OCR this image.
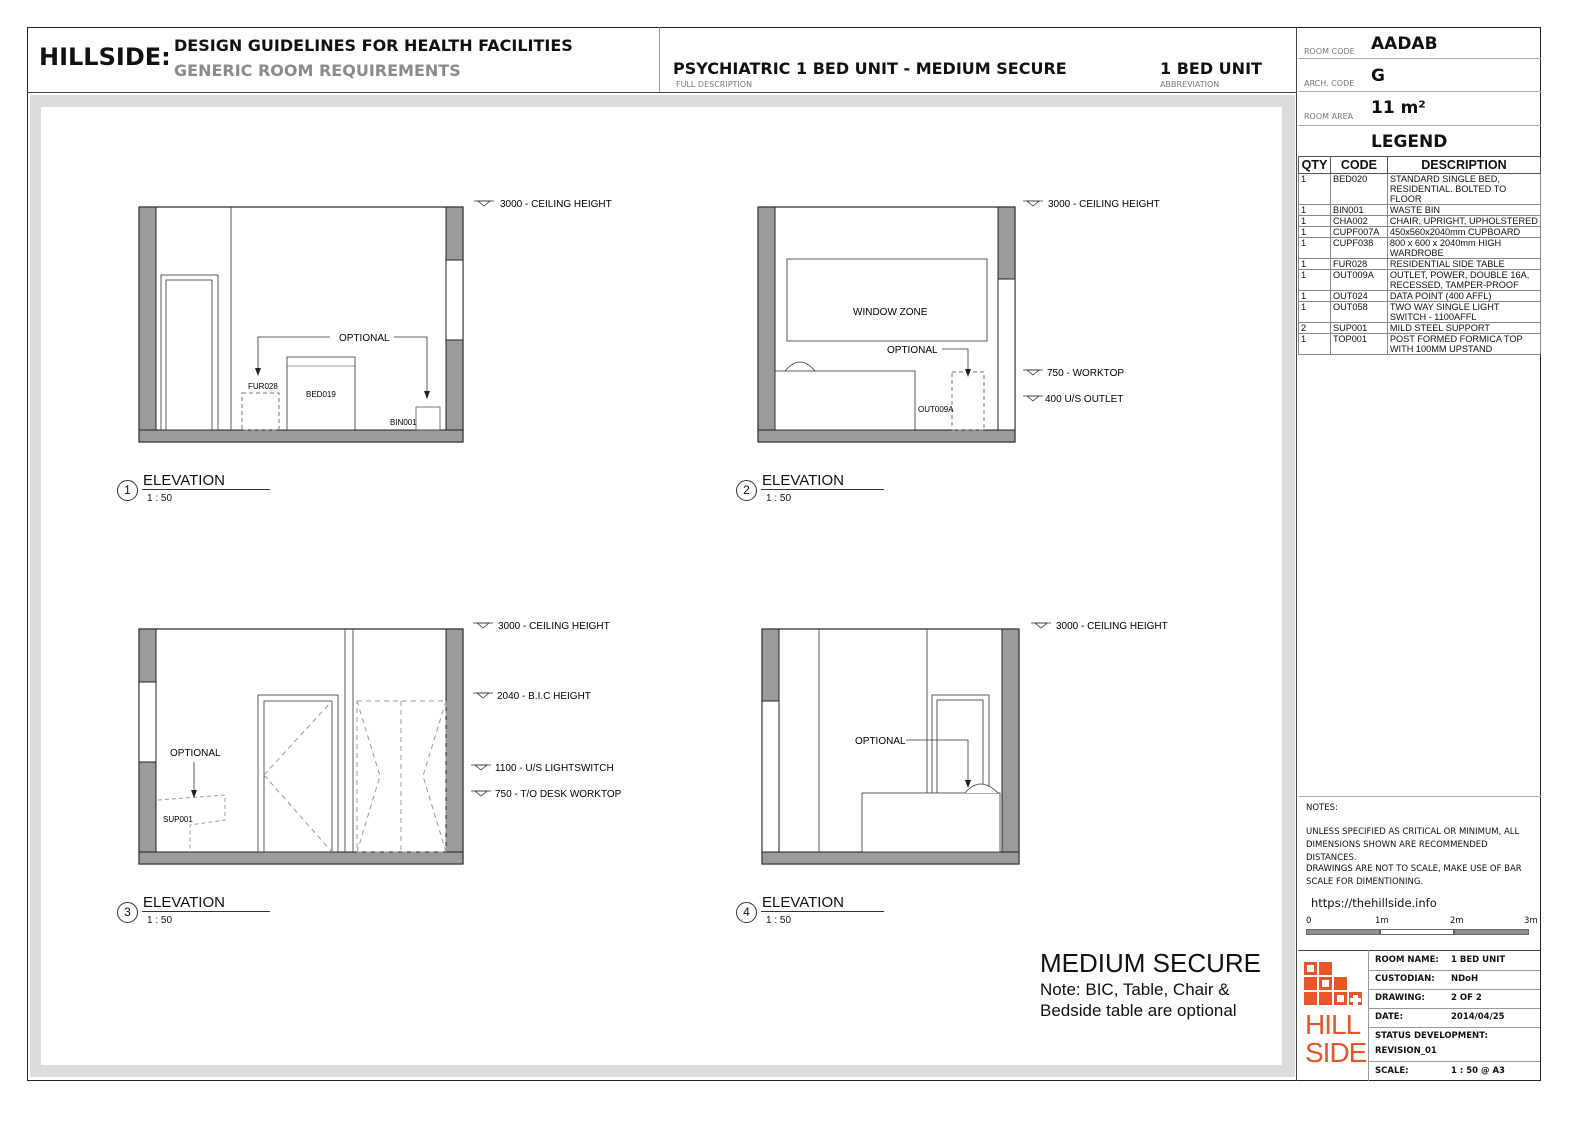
HILLSIDE: DESIGN GUIDELINES FOR HEALTH FACILITIES
GENERIC ROOM REQUIREMENTS	PSYCHIATRIC 1 BED UNIT - MEDIUM SECURE
FULL DESCRIPTION
1 BED UNIT
ABBREVIATION
3000 - CEILING HEIGHT
OPTIONAL
FUR028
BED019
BIN001
3000 - CEILING HEIGHT
WINDOW ZONE
OPTIONAL
750 - WORKTOP
400 U/S OUTLET
OUT009A
3000 - CEILING HEIGHT
2040 - B.I.C HEIGHT
1100 - U/S LIGHTSWITCH
750 - T/O DESK WORKTOP
OPTIONAL
SUP001
3000 - CEILING HEIGHT
OPTIONAL
1
ELEVATION
1 : 50
2
ELEVATION
1 : 50
3
ELEVATION
1 : 50
4
ELEVATION
1 : 50
MEDIUM SECURE
Note: BIC, Table, Chair &
Bedside table are optional
ROOM CODE AADAB
ARCH. CODE G
ROOM AREA 11 m²
LEGEND
QTY	CODE	DESCRIPTION
1	BED020	STANDARD SINGLE BED, RESIDENTIAL. BOLTED TO FLOOR
1	BIN001	WASTE BIN
1	CHA002	CHAIR, UPRIGHT, UPHOLSTERED
1	CUPF007A	450x560x2040mm CUPBOARD
1	CUPF038	800 x 600 x 2040mm HIGH WARDROBE
1	FUR028	RESIDENTIAL SIDE TABLE
1	OUT009A	OUTLET, POWER, DOUBLE 16A, RECESSED, TAMPER-PROOF
1	OUT024	DATA POINT (400 AFFL)
1	OUT058	TWO WAY SINGLE LIGHT SWITCH - 1100AFFL
2	SUP001	MILD STEEL SUPPORT
1	TOP001	POST FORMED FORMICA TOP WITH 100MM UPSTAND
NOTES:
UNLESS SPECIFIED AS CRITICAL OR MINIMUM, ALL DIMENSIONS SHOWN ARE RECOMMENDED DISTANCES.
DRAWINGS ARE NOT TO SCALE, MAKE USE OF BAR SCALE FOR DIMENTIONING.
https://thehillside.info
0	1m	2m	3m
HILL
SIDE
ROOM NAME: 1 BED UNIT
CUSTODIAN: NDoH
DRAWING:	2 OF 2
DATE:	2014/04/25
STATUS DEVELOPMENT:
REVISION_01
SCALE:	1 : 50 @ A3
